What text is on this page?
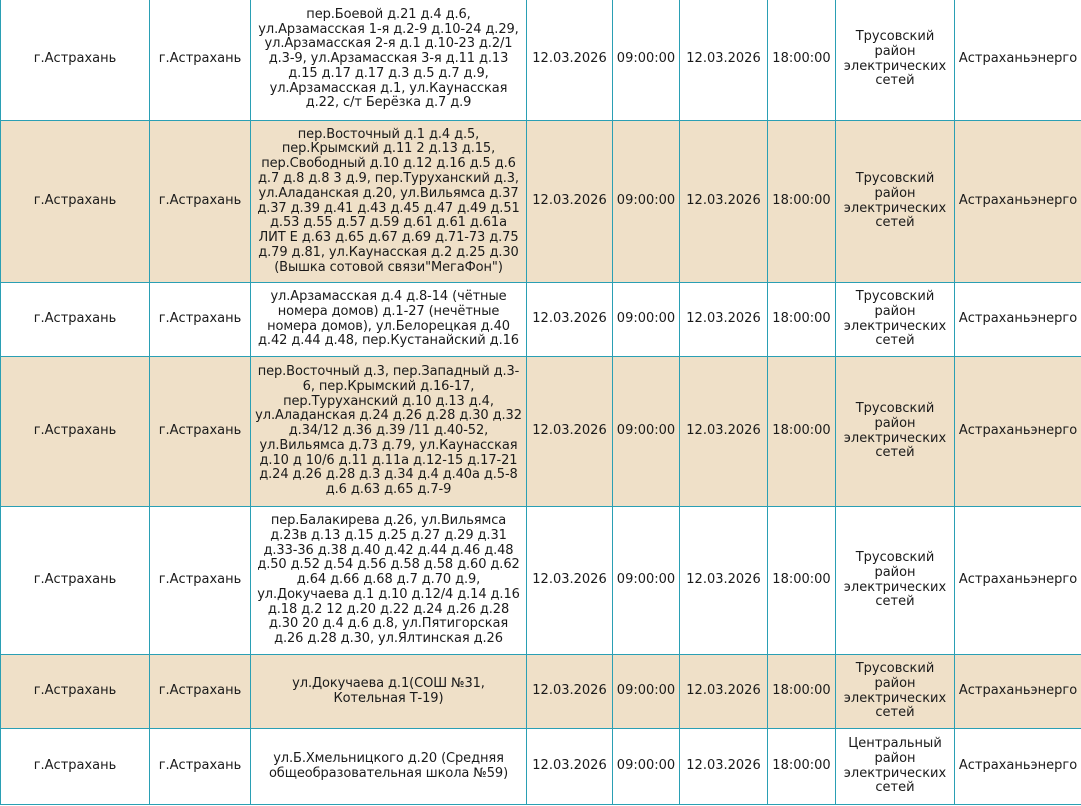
г.Астрахань	г.Астрахань	пер.Боевой д.21 д.4 д.6, ул.Арзамасская 1-я д.2-9 д.10-24 д.29, ул.Арзамасская 2-я д.1 д.10-23 д.2/1 д.3-9, ул.Арзамасская 3-я д.11 д.13 д.15 д.17 д.17 д.3 д.5 д.7 д.9, ул.Арзамасская д.1, ул.Каунасская д.22, с/т Берёзка д.7 д.9	12.03.2026	09:00:00	12.03.2026	18:00:00	Трусовский район электрических сетей	Астраханьэнерго
г.Астрахань	г.Астрахань	пер.Восточный д.1 д.4 д.5, пер.Крымский д.11 2 д.13 д.15, пер.Свободный д.10 д.12 д.16 д.5 д.6 д.7 д.8 д.8 3 д.9, пер.Туруханский д.3, ул.Аладанская д.20, ул.Вильямса д.37 д.37 д.39 д.41 д.43 д.45 д.47 д.49 д.51 д.53 д.55 д.57 д.59 д.61 д.61 д.61а ЛИТ Е д.63 д.65 д.67 д.69 д.71-73 д.75 д.79 д.81, ул.Каунасская д.2 д.25 д.30 (Вышка сотовой связи"МегаФон")	12.03.2026	09:00:00	12.03.2026	18:00:00	Трусовский район электрических сетей	Астраханьэнерго
г.Астрахань	г.Астрахань	ул.Арзамасская д.4 д.8-14 (чётные номера домов) д.1-27 (нечётные номера домов), ул.Белорецкая д.40 д.42 д.44 д.48, пер.Кустанайский д.16	12.03.2026	09:00:00	12.03.2026	18:00:00	Трусовский район электрических сетей	Астраханьэнерго
г.Астрахань	г.Астрахань	пер.Восточный д.3, пер.Западный д.3-6, пер.Крымский д.16-17, пер.Туруханский д.10 д.13 д.4, ул.Аладанская д.24 д.26 д.28 д.30 д.32 д.34/12 д.36 д.39 /11 д.40-52, ул.Вильямса д.73 д.79, ул.Каунасская д.10 д 10/6 д.11 д.11а д.12-15 д.17-21 д.24 д.26 д.28 д.3 д.34 д.4 д.40а д.5-8 д.6 д.63 д.65 д.7-9	12.03.2026	09:00:00	12.03.2026	18:00:00	Трусовский район электрических сетей	Астраханьэнерго
г.Астрахань	г.Астрахань	пер.Балакирева д.26, ул.Вильямса д.23в д.13 д.15 д.25 д.27 д.29 д.31 д.33-36 д.38 д.40 д.42 д.44 д.46 д.48 д.50 д.52 д.54 д.56 д.58 д.58 д.60 д.62 д.64 д.66 д.68 д.7 д.70 д.9, ул.Докучаева д.1 д.10 д.12/4 д.14 д.16 д.18 д.2 12 д.20 д.22 д.24 д.26 д.28 д.30 20 д.4 д.6 д.8, ул.Пятигорская д.26 д.28 д.30, ул.Ялтинская д.26	12.03.2026	09:00:00	12.03.2026	18:00:00	Трусовский район электрических сетей	Астраханьэнерго
г.Астрахань	г.Астрахань	ул.Докучаева д.1(СОШ №31, Котельная Т-19)	12.03.2026	09:00:00	12.03.2026	18:00:00	Трусовский район электрических сетей	Астраханьэнерго
г.Астрахань	г.Астрахань	ул.Б.Хмельницкого д.20 (Средняя общеобразовательная школа №59)	12.03.2026	09:00:00	12.03.2026	18:00:00	Центральный район электрических сетей	Астраханьэнерго
